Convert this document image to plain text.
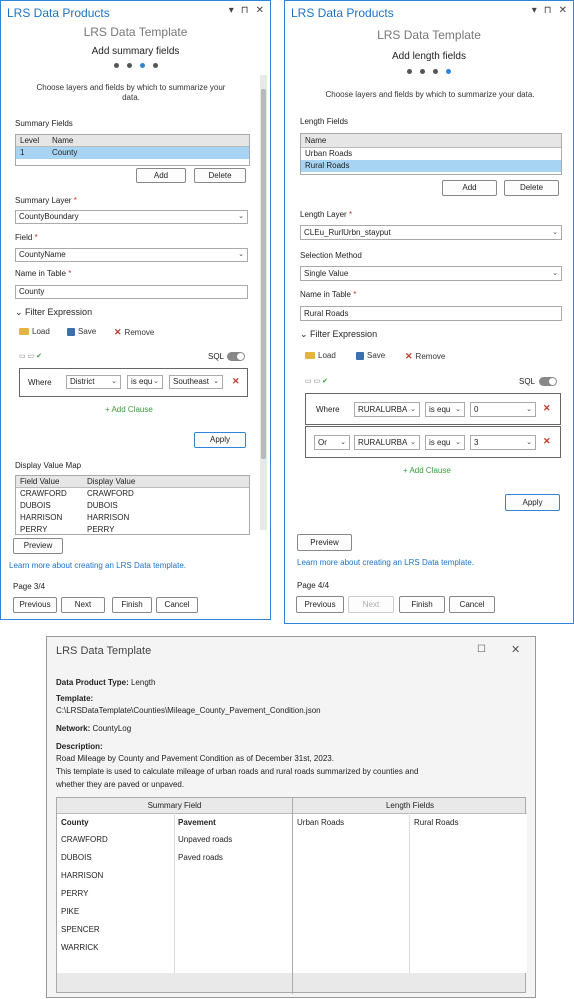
LRS Data Products	▾ ⊓ ✕
LRS Data Template
Add summary fields
Choose layers and fields by which to summarize your data.
Summary Fields
Level	Name
1	County
Add	Delete
Summary Layer *
CountyBoundary	⌄
Field *
CountyName	⌄
Name in Table *
County
⌄ Filter Expression
Load	Save ✕ Remove
▭ ▭ ✔	SQL
Where	District ⌄	is equ ⌄	Southeast ⌄ ✕
+ Add Clause
Apply
Display Value Map
Field Value	Display Value
CRAWFORD	CRAWFORD
DUBOIS	DUBOIS
HARRISON	HARRISON
PERRY	PERRY
Preview
Learn more about creating an LRS Data template.
Page 3/4
Previous	Next	Finish	Cancel
LRS Data Products	▾ ⊓ ✕
LRS Data Template
Add length fields
Choose layers and fields by which to summarize your data.
Length Fields
Name
Urban Roads
Rural Roads
Add	Delete
Length Layer *
CLEu_RurlUrbn_stayput	⌄
Selection Method
Single Value	⌄
Name in Table *
Rural Roads
⌄ Filter Expression
Load	Save ✕ Remove
▭ ▭ ✔	SQL
Where	RURALURBA ⌄	is equ ⌄	0	⌄ ✕
Or ⌄	RURALURBA ⌄	is equ ⌄	3	⌄ ✕
+ Add Clause
Apply
Preview
Learn more about creating an LRS Data template.
Page 4/4
Previous	Next	Finish	Cancel
LRS Data Template	☐ ✕
Data Product Type: Length
Template:
C:\LRSDataTemplate\Counties\Mileage_County_Pavement_Condition.json
Network: CountyLog
Description:
Road Mileage by County and Pavement Condition as of December 31st, 2023.
This template is used to calculate mileage of urban roads and rural roads summarized by counties and
whether they are paved or unpaved.
Summary Field	Length Fields
County	Pavement	Urban Roads	Rural Roads
CRAWFORD	Unpaved roads
DUBOIS	Paved roads
HARRISON
PERRY
PIKE
SPENCER
WARRICK
